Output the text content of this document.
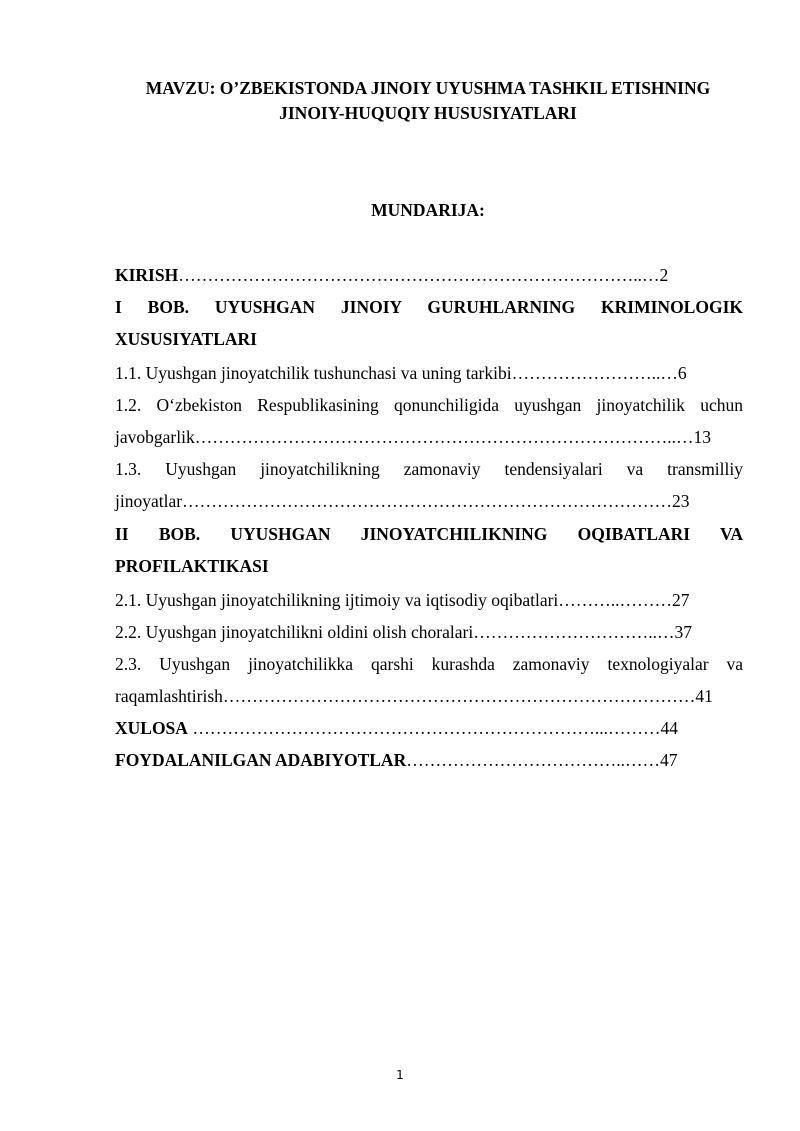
MAVZU: O’ZBEKISTONDA JINOIY UYUSHMA TASHKIL ETISHNING
JINOIY-HUQUQIY HUSUSIYATLARI
MUNDARIJA:
KIRISH……………………………………………………………………..…2
I BOB. UYUSHGAN JINOIY GURUHLARNING KRIMINOLOGIK
XUSUSIYATLARI
1.1. Uyushgan jinoyatchilik tushunchasi va uning tarkibi……………………..…6
1.2. O‘zbekiston Respublikasining qonunchiligida uyushgan jinoyatchilik uchun
javobgarlik………………………………………………………………………..…13
1.3. Uyushgan jinoyatchilikning zamonaviy tendensiyalari va transmilliy
jinoyatlar…………………………………………………………………………23
II BOB. UYUSHGAN JINOYATCHILIKNING OQIBATLARI VA
PROFILAKTIKASI
2.1. Uyushgan jinoyatchilikning ijtimoiy va iqtisodiy oqibatlari………..………27
2.2. Uyushgan jinoyatchilikni oldini olish choralari…………………………..…37
2.3. Uyushgan jinoyatchilikka qarshi kurashda zamonaviy texnologiyalar va
raqamlashtirish………………………………………………………………………41
XULOSA ……………………………………………………………...………44
FOYDALANILGAN ADABIYOTLAR………………………………..……47
1
